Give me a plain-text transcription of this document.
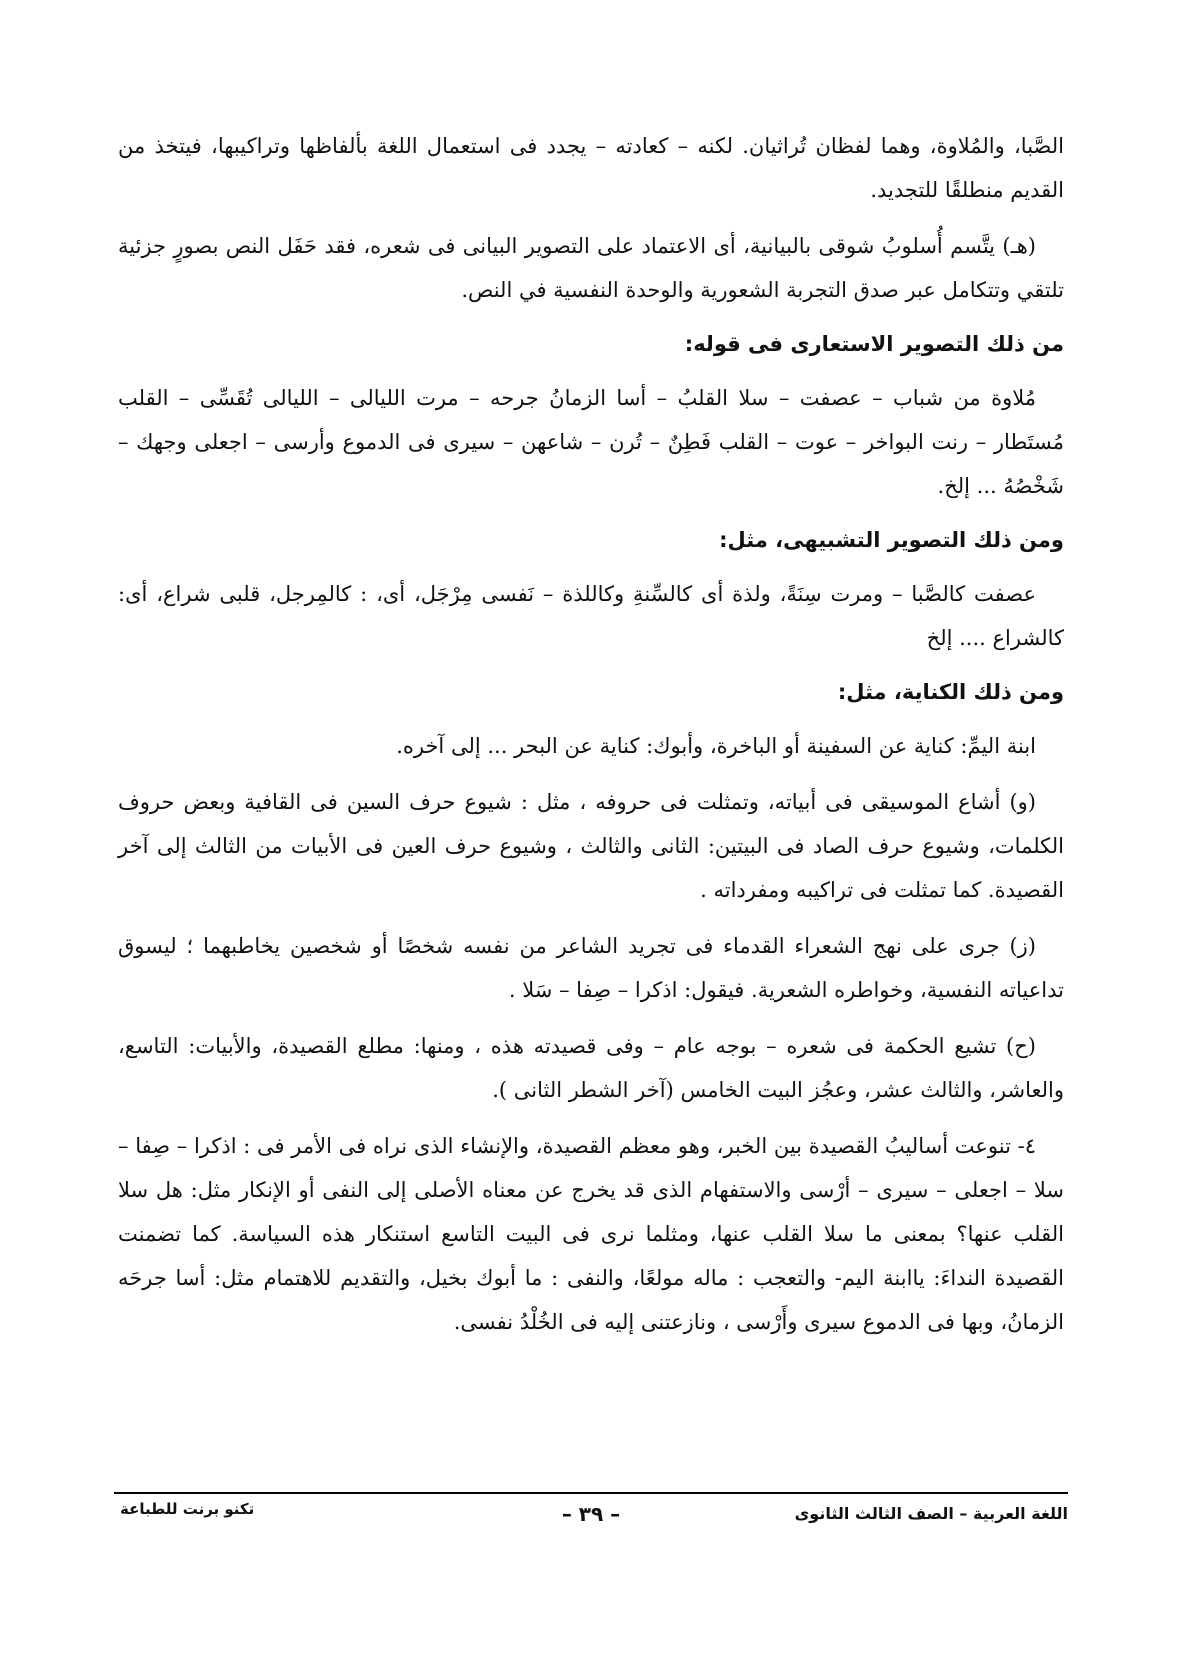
الصَّبا، والمُلاوة، وهما لفظان تُراثيان. لكنه – كعادته – يجدد فى استعمال اللغة بألفاظها وتراكيبها، فيتخذ من القديم منطلقًا للتجديد.

(هـ) يتَّسم أُسلوبُ شوقى بالبيانية، أى الاعتماد على التصوير البيانى فى شعره، فقد حَفَل النص بصورٍ جزئية تلتقي وتتكامل عبر صدق التجربة الشعورية والوحدة النفسية في النص.

من ذلك التصوير الاستعارى فى قوله:

مُلاوة من شباب – عصفت – سلا القلبُ – أسا الزمانُ جرحه – مرت الليالى – الليالى تُقَسِّى – القلب مُستَطار – رنت البواخر – عوت – القلب فَطِنٌ – تُرن – شاعهن – سيرى فى الدموع وأرسى – اجعلى وجهك – شَخْصُهُ ... إلخ.

ومن ذلك التصوير التشبيهى، مثل:

عصفت كالصَّبا – ومرت سِنَةً، ولذة أى كالسِّنةِ وكاللذة – نَفسى مِرْجَل، أى، : كالمِرجل، قلبى شراع، أى: كالشراع .... إلخ

ومن ذلك الكناية، مثل:

ابنة اليمِّ: كناية عن السفينة أو الباخرة، وأبوك: كناية عن البحر ... إلى آخره.

(و) أشاع الموسيقى فى أبياته، وتمثلت فى حروفه ، مثل : شيوع حرف السين فى القافية وبعض حروف الكلمات، وشيوع حرف الصاد فى البيتين: الثانى والثالث ، وشيوع حرف العين فى الأبيات من الثالث إلى آخر القصيدة. كما تمثلت فى تراكيبه ومفرداته .

(ز) جرى على نهج الشعراء القدماء فى تجريد الشاعر من نفسه شخصًا أو شخصين يخاطبهما ؛ ليسوق تداعياته النفسية، وخواطره الشعرية. فيقول: اذكرا – صِفا – سَلا .

(ح) تشيع الحكمة فى شعره – بوجه عام – وفى قصيدته هذه ، ومنها: مطلع القصيدة، والأبيات: التاسع، والعاشر، والثالث عشر، وعجُز البيت الخامس (آخر الشطر الثانى ).

٤- تنوعت أساليبُ القصيدة بين الخبر، وهو معظم القصيدة، والإنشاء الذى نراه فى الأمر فى : اذكرا – صِفا – سلا – اجعلى – سيرى – أرْسى والاستفهام الذى قد يخرج عن معناه الأصلى إلى النفى أو الإنكار مثل: هل سلا القلب عنها؟ بمعنى ما سلا القلب عنها، ومثلما نرى فى البيت التاسع استنكار هذه السياسة. كما تضمنت القصيدة النداءَ: ياابنة اليم- والتعجب : ماله مولعًا، والنفى : ما أبوك بخيل، والتقديم للاهتمام مثل: أسا جرحَه الزمانُ، وبها فى الدموع سيرى وأَرْسى ، ونازعتنى إليه فى الخُلْدُ نفسى.

اللغة العربية – الصف الثالث الثانوى
– ٣٩ –
تكنو برنت للطباعة
